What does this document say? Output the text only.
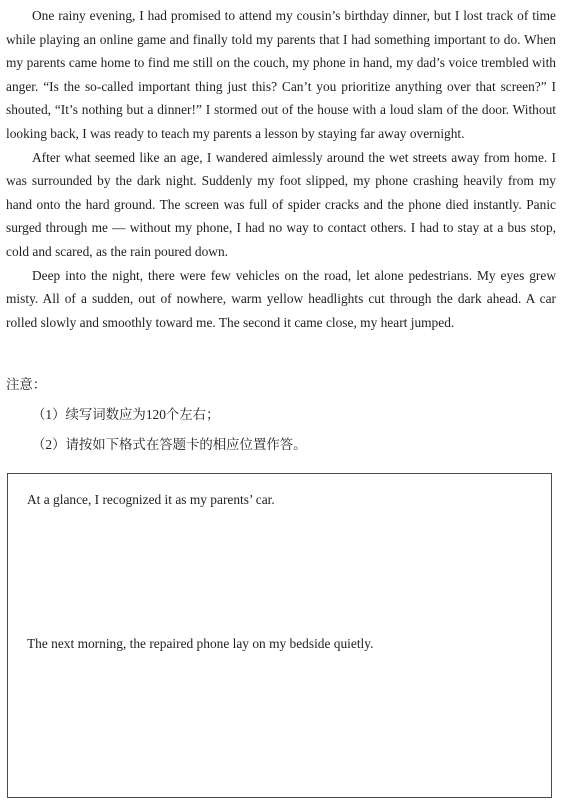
One rainy evening, I had promised to attend my cousin’s birthday dinner, but I lost track of time while playing an online game and finally told my parents that I had something important to do. When my parents came home to find me still on the couch, my phone in hand, my dad’s voice trembled with anger. “Is the so-called important thing just this? Can’t you prioritize anything over that screen?” I shouted, “It’s nothing but a dinner!” I stormed out of the house with a loud slam of the door. Without looking back, I was ready to teach my parents a lesson by staying far away overnight.

After what seemed like an age, I wandered aimlessly around the wet streets away from home. I was surrounded by the dark night. Suddenly my foot slipped, my phone crashing heavily from my hand onto the hard ground. The screen was full of spider cracks and the phone died instantly. Panic surged through me — without my phone, I had no way to contact others. I had to stay at a bus stop, cold and scared, as the rain poured down.

Deep into the night, there were few vehicles on the road, let alone pedestrians. My eyes grew misty. All of a sudden, out of nowhere, warm yellow headlights cut through the dark ahead. A car rolled slowly and smoothly toward me. The second it came close, my heart jumped.

注意：
（1）续写词数应为120个左右；
（2）请按如下格式在答题卡的相应位置作答。
At a glance, I recognized it as my parents’ car.
The next morning, the repaired phone lay on my bedside quietly.
